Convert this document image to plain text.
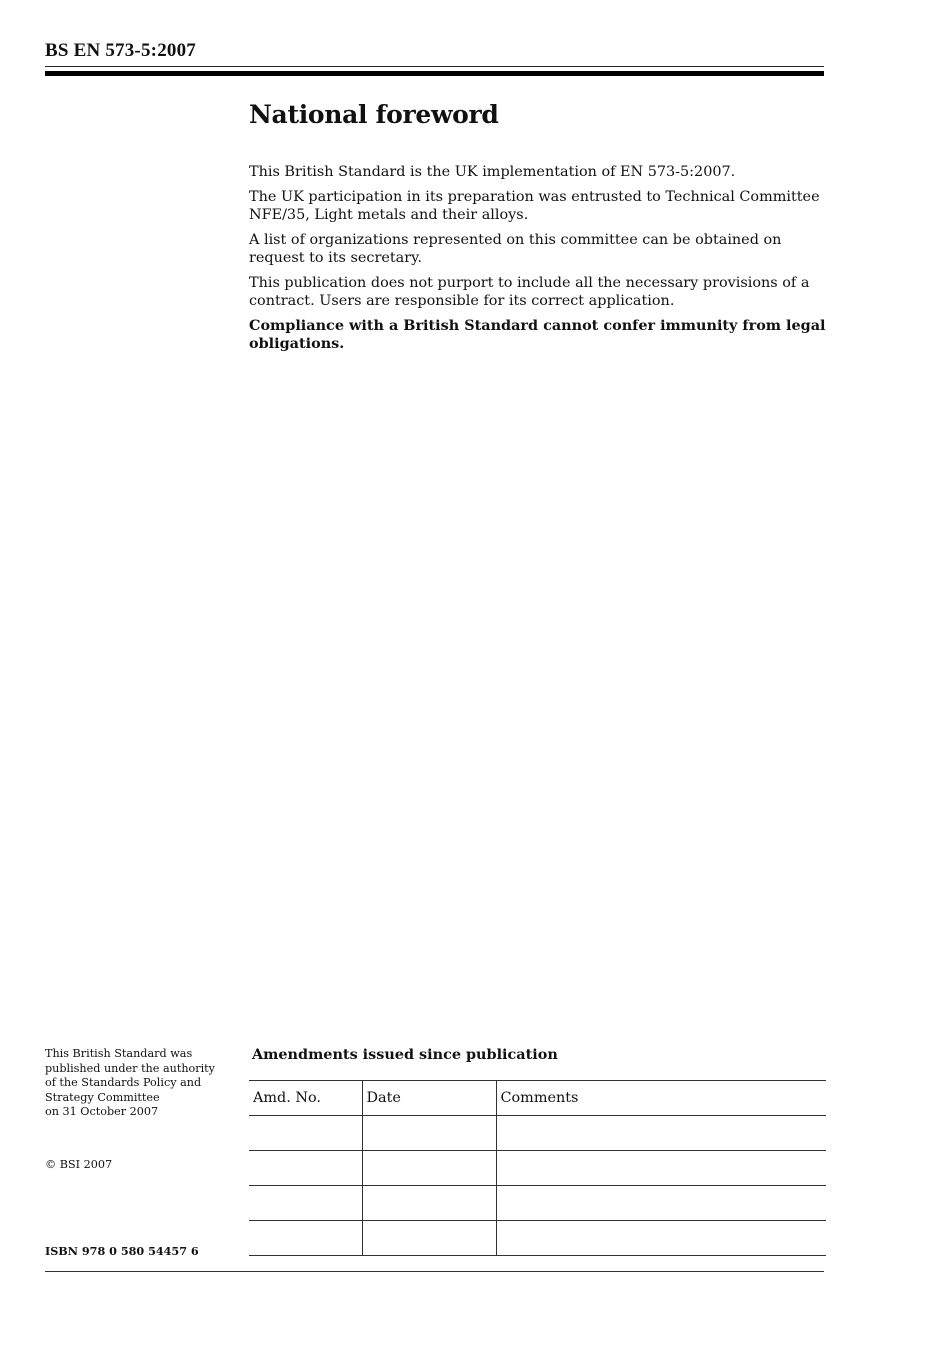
BS EN 573-5:2007
National foreword

This British Standard is the UK implementation of EN 573-5:2007.

The UK participation in its preparation was entrusted to Technical Committee NFE/35, Light metals and their alloys.

A list of organizations represented on this committee can be obtained on request to its secretary.

This publication does not purport to include all the necessary provisions of a contract. Users are responsible for its correct application.

Compliance with a British Standard cannot confer immunity from legal obligations.

This British Standard was
published under the authority
of the Standards Policy and
Strategy Committee
on 31 October 2007
© BSI 2007
ISBN 978 0 580 54457 6
Amendments issued since publication
Amd. No.	Date	Comments
